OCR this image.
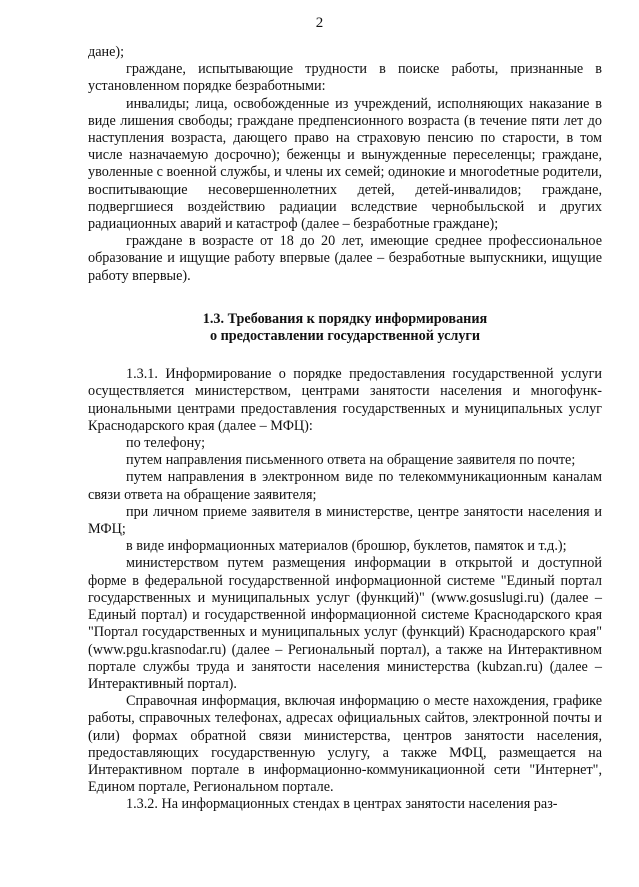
2

дане);

граждане, испытывающие трудности в поиске работы, признанные в установленном порядке безработными:

инвалиды; лица, освобожденные из учреждений, исполняющих наказание в виде лишения свободы; граждане предпенсионного возраста (в течение пяти лет до наступления возраста, дающего право на страховую пенсию по старости, в том числе назначаемую досрочно); беженцы и вынужденные переселенцы; граждане, уволенные с военной службы, и члены их семей; одинокие и многоdетные родители, воспитывающие несовершеннолетних детей, детей-инвалидов; граждане, подвергшиеся воздействию радиации вследствие чернобыльской и других радиационных аварий и катастроф (далее – безработные граждане);

граждане в возрасте от 18 до 20 лет, имеющие среднее профессиональное образование и ищущие работу впервые (далее – безработные выпускники, ищущие работу впервые).

1.3. Требования к порядку информирования
о предоставлении государственной услуги

1.3.1. Информирование о порядке предоставления государственной услуги осуществляется министерством, центрами занятости населения и многофункциональными центрами предоставления государственных и муниципальных услуг Краснодарского края (далее – МФЦ):

по телефону;

путем направления письменного ответа на обращение заявителя по почте;

путем направления в электронном виде по телекоммуникационным каналам связи ответа на обращение заявителя;

при личном приеме заявителя в министерстве, центре занятости населения и МФЦ;

в виде информационных материалов (брошюр, буклетов, памяток и т.д.);

министерством путем размещения информации в открытой и доступной форме в федеральной государственной информационной системе "Единый портал государственных и муниципальных услуг (функций)" (www.gosuslugi.ru) (далее – Единый портал) и государственной информационной системе Краснодарского края "Портал государственных и муниципальных услуг (функций) Краснодарского края" (www.pgu.krasnodar.ru) (далее – Региональный портал), а также на Интерактивном портале службы труда и занятости населения министерства (kubzan.ru) (далее – Интерактивный портал).

Справочная информация, включая информацию о месте нахождения, графике работы, справочных телефонах, адресах официальных сайтов, электронной почты и (или) формах обратной связи министерства, центров занятости населения, предоставляющих государственную услугу, а также МФЦ, размещается на Интерактивном портале в информационно-коммуникационной сети "Интернет", Едином портале, Региональном портале.

1.3.2. На информационных стендах в центрах занятости населения раз-
